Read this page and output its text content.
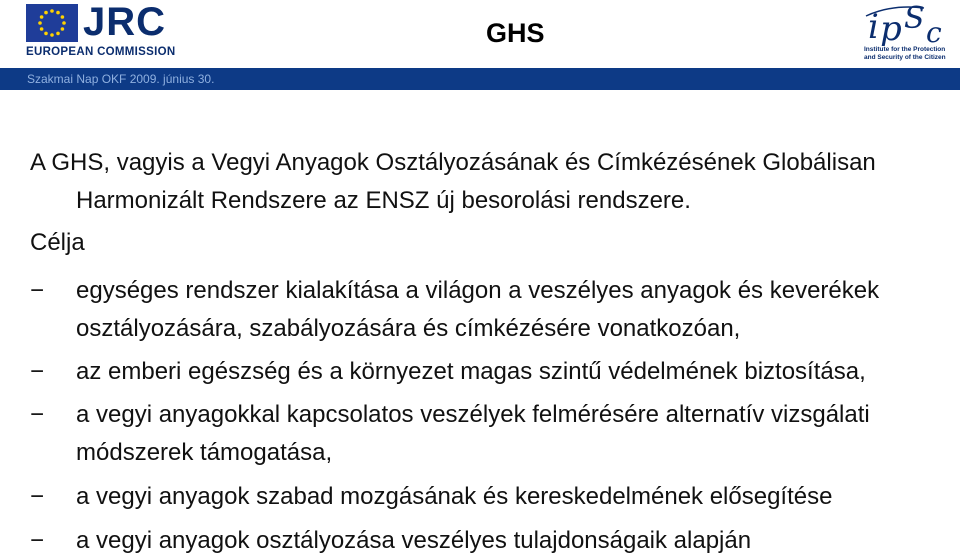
JRC
EUROPEAN COMMISSION
GHS	i p S c
Institute for the Protection
and Security of the Citizen
Szakmai Nap OKF 2009. június 30.
A GHS, vagyis a Vegyi Anyagok Osztályozásának és Címkézésének Globálisan
Harmonizált Rendszere az ENSZ új besorolási rendszere.
Célja
− egységes rendszer kialakítása a világon a veszélyes anyagok és keverékek
osztályozására, szabályozására és címkézésére vonatkozóan,
− az emberi egészség és a környezet magas szintű védelmének biztosítása,
− a vegyi anyagokkal kapcsolatos veszélyek felmérésére alternatív vizsgálati
módszerek támogatása,
− a vegyi anyagok szabad mozgásának és kereskedelmének elősegítése
− a vegyi anyagok osztályozása veszélyes tulajdonságaik alapján
